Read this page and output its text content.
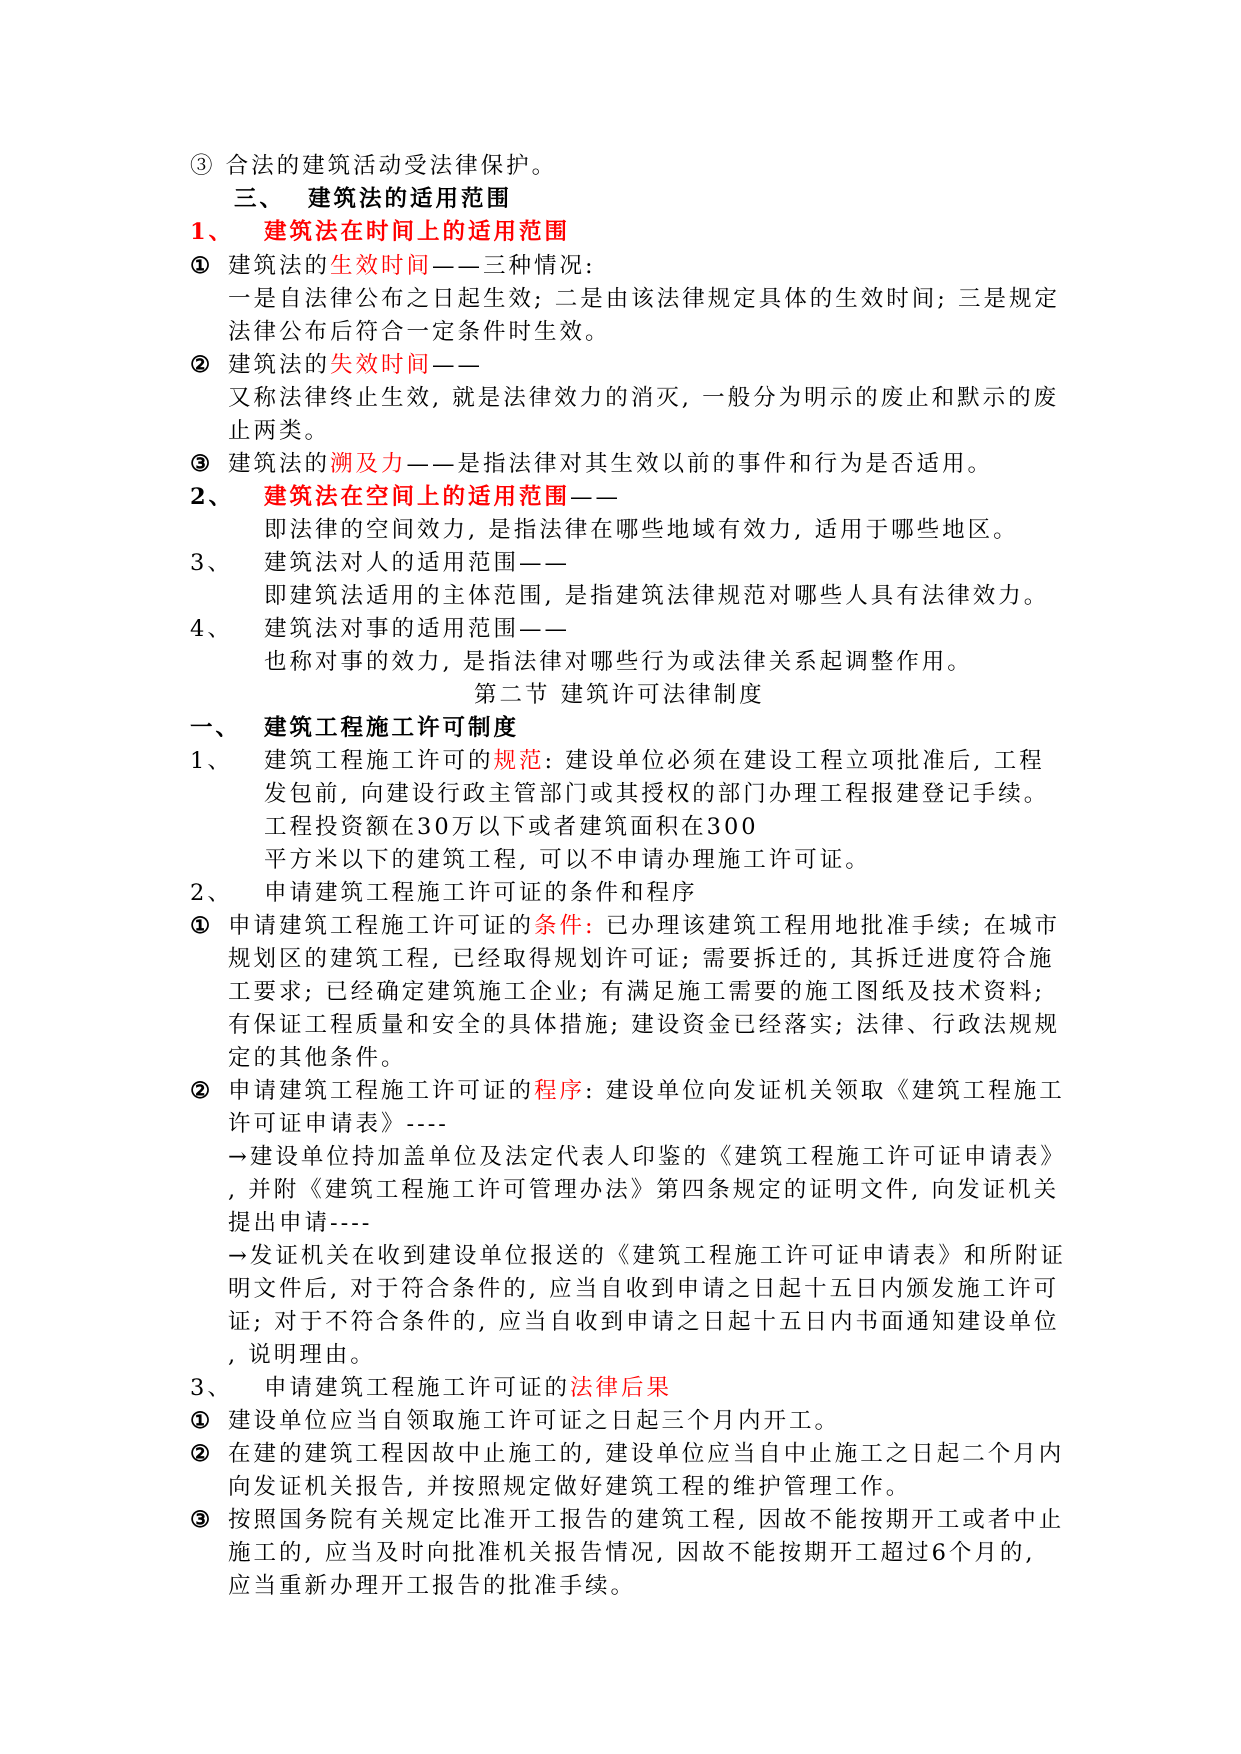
③ 合法的建筑活动受法律保护。
三、 建筑法的适用范围
1、 建筑法在时间上的适用范围
① 建筑法的生效时间——三种情况:
一是自法律公布之日起生效; 二是由该法律规定具体的生效时间; 三是规定
法律公布后符合一定条件时生效。
② 建筑法的失效时间——
又称法律终止生效, 就是法律效力的消灭, 一般分为明示的废止和默示的废
止两类。
③ 建筑法的溯及力——是指法律对其生效以前的事件和行为是否适用。
2、 建筑法在空间上的适用范围——
即法律的空间效力, 是指法律在哪些地域有效力, 适用于哪些地区。
3、 建筑法对人的适用范围——
即建筑法适用的主体范围, 是指建筑法律规范对哪些人具有法律效力。
4、 建筑法对事的适用范围——
也称对事的效力, 是指法律对哪些行为或法律关系起调整作用。
第二节 建筑许可法律制度
一、 建筑工程施工许可制度
1、 建筑工程施工许可的规范: 建设单位必须在建设工程立项批准后, 工程
发包前, 向建设行政主管部门或其授权的部门办理工程报建登记手续。
工程投资额在30万以下或者建筑面积在300
平方米以下的建筑工程, 可以不申请办理施工许可证。
2、 申请建筑工程施工许可证的条件和程序
① 申请建筑工程施工许可证的条件: 已办理该建筑工程用地批准手续; 在城市
规划区的建筑工程, 已经取得规划许可证; 需要拆迁的, 其拆迁进度符合施
工要求; 已经确定建筑施工企业; 有满足施工需要的施工图纸及技术资料;
有保证工程质量和安全的具体措施; 建设资金已经落实; 法律、行政法规规
定的其他条件。
② 申请建筑工程施工许可证的程序: 建设单位向发证机关领取《建筑工程施工
许可证申请表》----
→建设单位持加盖单位及法定代表人印鉴的《建筑工程施工许可证申请表》
, 并附《建筑工程施工许可管理办法》第四条规定的证明文件, 向发证机关
提出申请----
→发证机关在收到建设单位报送的《建筑工程施工许可证申请表》和所附证
明文件后, 对于符合条件的, 应当自收到申请之日起十五日内颁发施工许可
证; 对于不符合条件的, 应当自收到申请之日起十五日内书面通知建设单位
, 说明理由。
3、 申请建筑工程施工许可证的法律后果
① 建设单位应当自领取施工许可证之日起三个月内开工。
② 在建的建筑工程因故中止施工的, 建设单位应当自中止施工之日起二个月内
向发证机关报告, 并按照规定做好建筑工程的维护管理工作。
③ 按照国务院有关规定比准开工报告的建筑工程, 因故不能按期开工或者中止
施工的, 应当及时向批准机关报告情况, 因故不能按期开工超过6个月的,
应当重新办理开工报告的批准手续。
